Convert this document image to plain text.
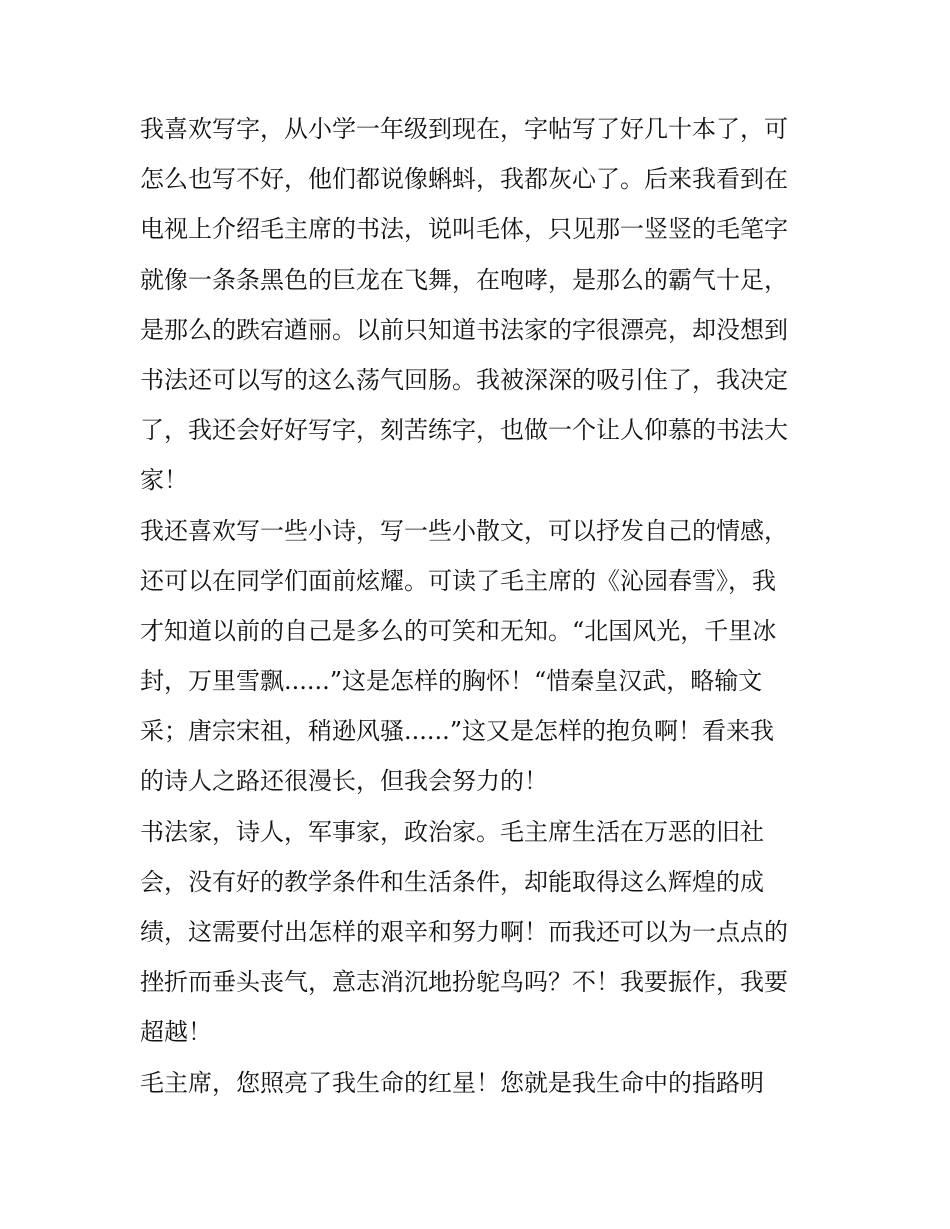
我喜欢写字，从小学一年级到现在，字帖写了好几十本了，可
怎么也写不好，他们都说像蝌蚪，我都灰心了。后来我看到在
电视上介绍毛主席的书法，说叫毛体，只见那一竖竖的毛笔字
就像一条条黑色的巨龙在飞舞，在咆哮，是那么的霸气十足，
是那么的跌宕遒丽。以前只知道书法家的字很漂亮，却没想到
书法还可以写的这么荡气回肠。我被深深的吸引住了，我决定
了，我还会好好写字，刻苦练字，也做一个让人仰慕的书法大
家！
我还喜欢写一些小诗，写一些小散文，可以抒发自己的情感，
还可以在同学们面前炫耀。可读了毛主席的《沁园春雪》，我
才知道以前的自己是多么的可笑和无知。“北国风光，千里冰
封，万里雪飘......”这是怎样的胸怀！“惜秦皇汉武，略输文
采；唐宗宋祖，稍逊风骚......”这又是怎样的抱负啊！看来我
的诗人之路还很漫长，但我会努力的！
书法家，诗人，军事家，政治家。毛主席生活在万恶的旧社
会，没有好的教学条件和生活条件，却能取得这么辉煌的成
绩，这需要付出怎样的艰辛和努力啊！而我还可以为一点点的
挫折而垂头丧气，意志消沉地扮鸵鸟吗？不！我要振作，我要
超越！
毛主席，您照亮了我生命的红星！您就是我生命中的指路明
